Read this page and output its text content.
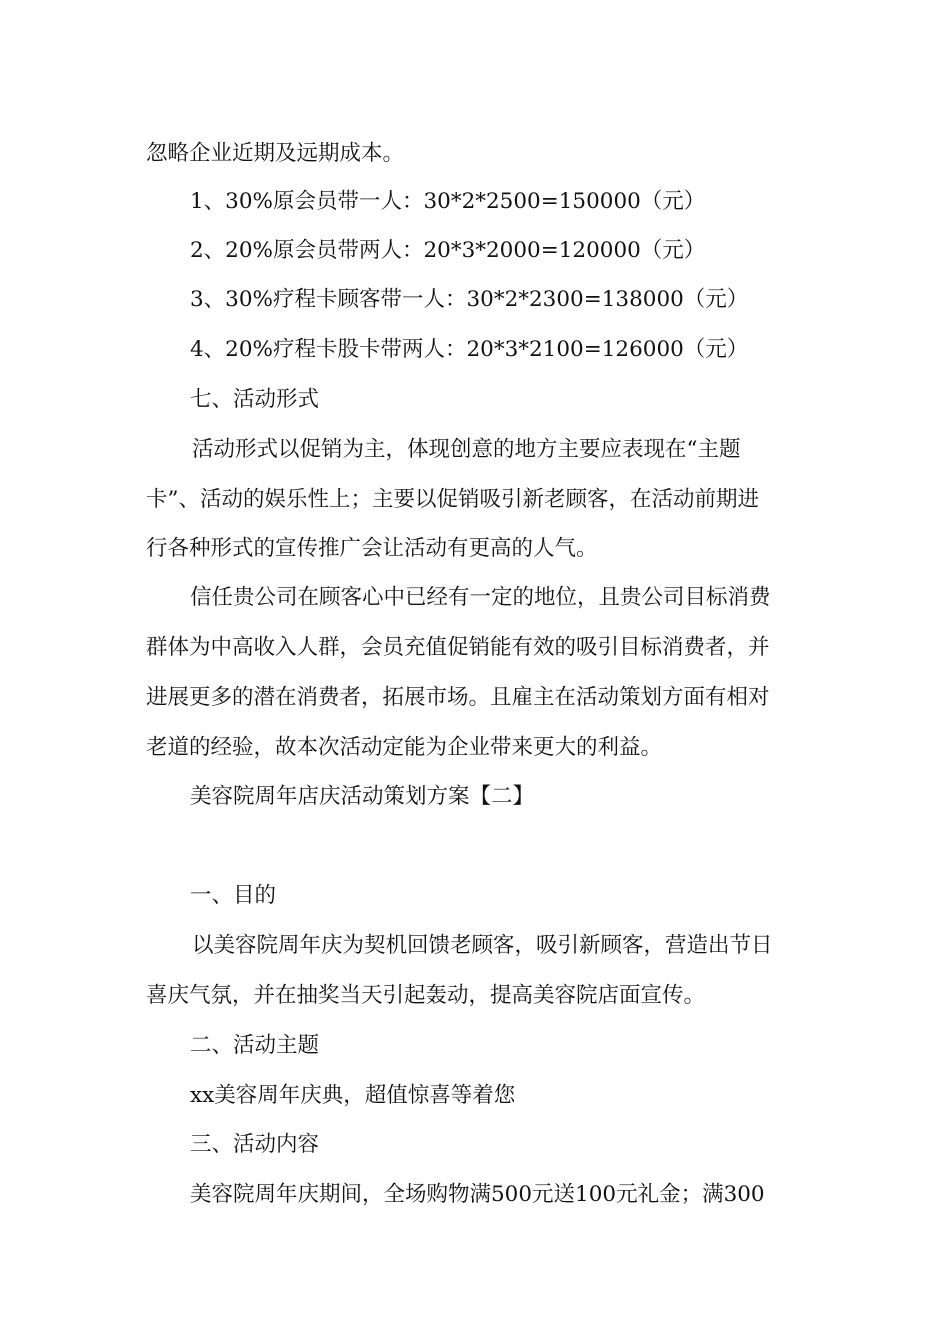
忽略企业近期及远期成本。
1、30%原会员带一人：30*2*2500=150000（元）
2、20%原会员带两人：20*3*2000=120000（元）
3、30%疗程卡顾客带一人：30*2*2300=138000（元）
4、20%疗程卡股卡带两人：20*3*2100=126000（元）
七、活动形式
活动形式以促销为主，体现创意的地方主要应表现在“主题
卡”、活动的娱乐性上；主要以促销吸引新老顾客，在活动前期进
行各种形式的宣传推广会让活动有更高的人气。
信任贵公司在顾客心中已经有一定的地位，且贵公司目标消费
群体为中高收入人群，会员充值促销能有效的吸引目标消费者，并
进展更多的潜在消费者，拓展市场。且雇主在活动策划方面有相对
老道的经验，故本次活动定能为企业带来更大的利益。
美容院周年店庆活动策划方案【二】
一、目的
以美容院周年庆为契机回馈老顾客，吸引新顾客，营造出节日
喜庆气氛，并在抽奖当天引起轰动，提高美容院店面宣传。
二、活动主题
xx美容周年庆典，超值惊喜等着您
三、活动内容
美容院周年庆期间，全场购物满500元送100元礼金；满300
